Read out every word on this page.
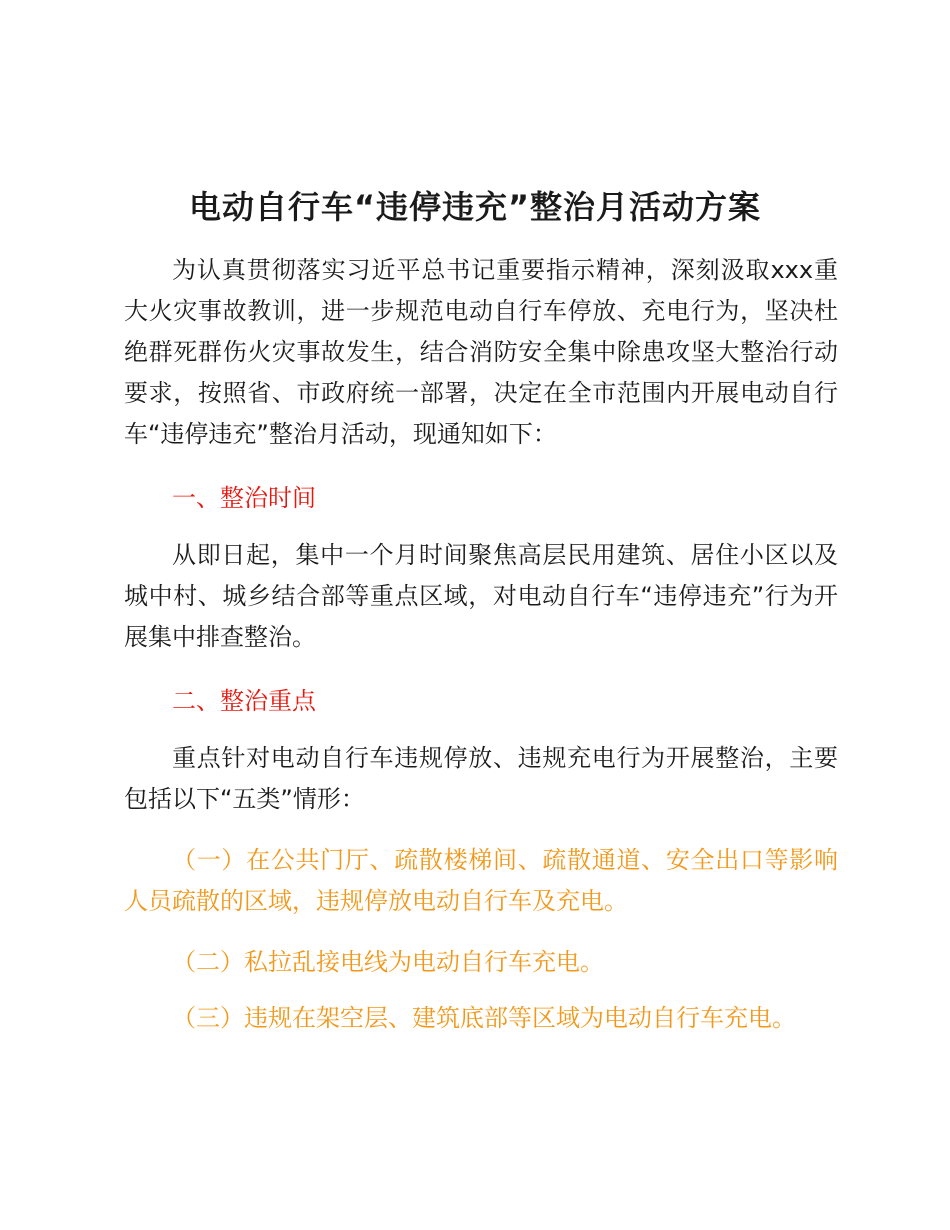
电动自行车“违停违充”整治月活动方案

为认真贯彻落实习近平总书记重要指示精神，深刻汲取xxx重大火灾事故教训，进一步规范电动自行车停放、充电行为，坚决杜绝群死群伤火灾事故发生，结合消防安全集中除患攻坚大整治行动要求，按照省、市政府统一部署，决定在全市范围内开展电动自行车“违停违充”整治月活动，现通知如下：

一、整治时间

从即日起，集中一个月时间聚焦高层民用建筑、居住小区以及城中村、城乡结合部等重点区域，对电动自行车“违停违充”行为开展集中排查整治。

二、整治重点

重点针对电动自行车违规停放、违规充电行为开展整治，主要包括以下“五类”情形：

（一）在公共门厅、疏散楼梯间、疏散通道、安全出口等影响人员疏散的区域，违规停放电动自行车及充电。

（二）私拉乱接电线为电动自行车充电。

（三）违规在架空层、建筑底部等区域为电动自行车充电。
